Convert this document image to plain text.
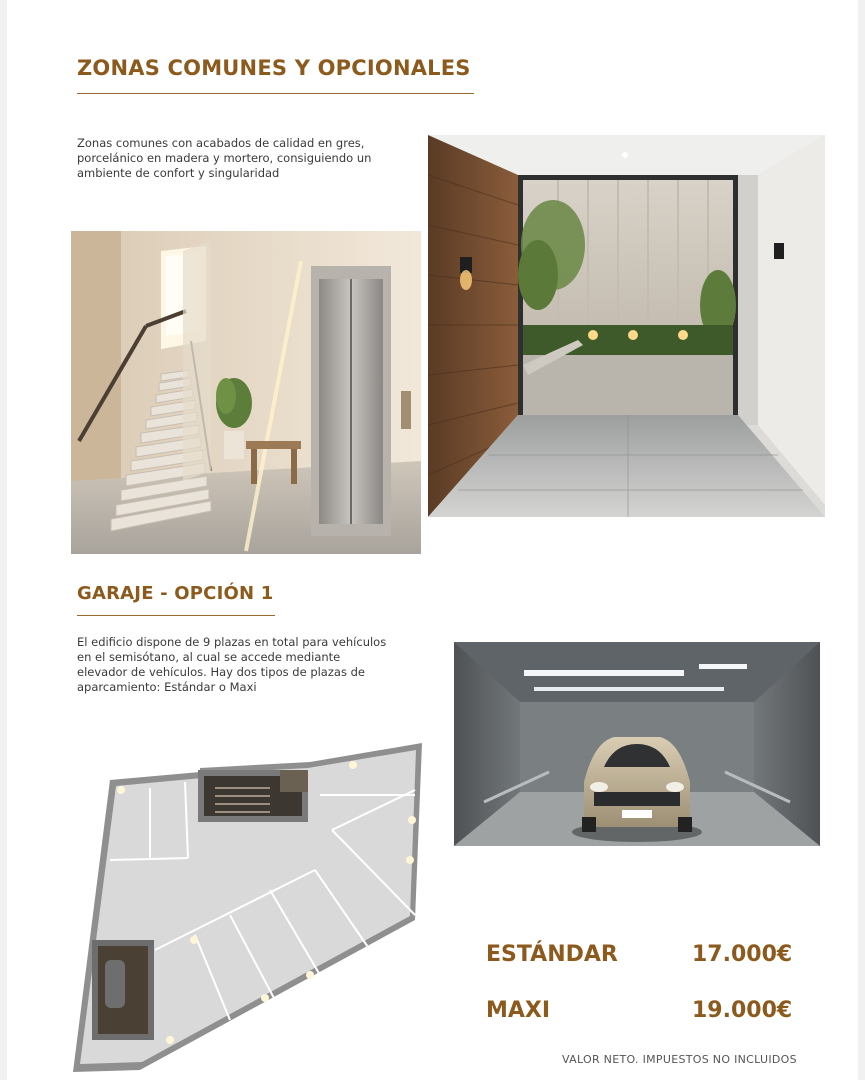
ZONAS COMUNES Y OPCIONALES

Zonas comunes con acabados de calidad en gres,
porcelánico en madera y mortero, consiguiendo un
ambiente de confort y singularidad

GARAJE - OPCIÓN 1

El edificio dispone de 9 plazas en total para vehículos
en el semisótano, al cual se accede mediante
elevador de vehículos. Hay dos tipos de plazas de
aparcamiento: Estándar o Maxi

ESTÁNDAR	17.000€

MAXI	19.000€

VALOR NETO. IMPUESTOS NO INCLUIDOS
